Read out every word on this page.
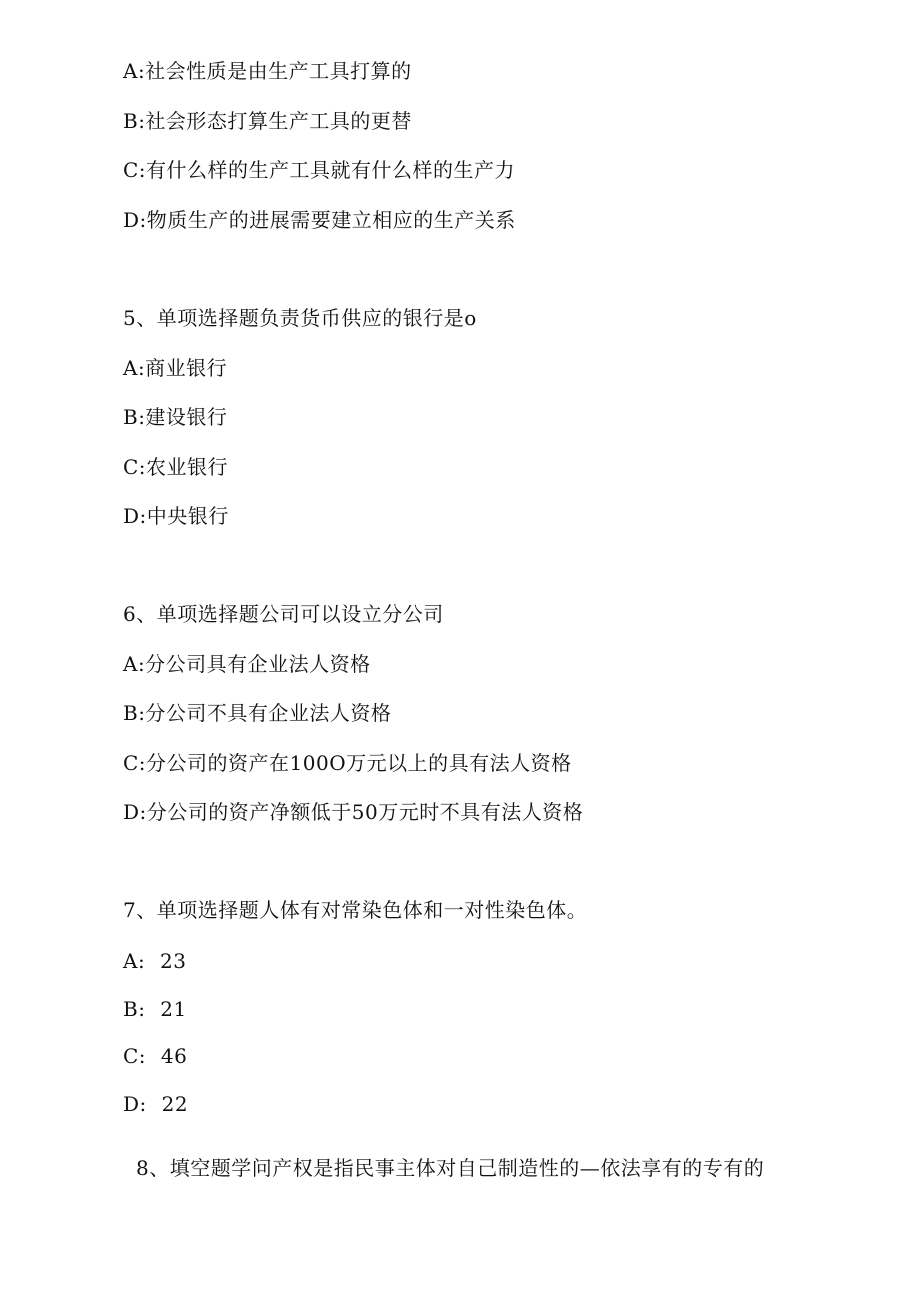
A:社会性质是由生产工具打算的
B:社会形态打算生产工具的更替
C:有什么样的生产工具就有什么样的生产力
D:物质生产的进展需要建立相应的生产关系
5、单项选择题负责货币供应的银行是o
A:商业银行
B:建设银行
C:农业银行
D:中央银行
6、单项选择题公司可以设立分公司
A:分公司具有企业法人资格
B:分公司不具有企业法人资格
C:分公司的资产在100O万元以上的具有法人资格
D:分公司的资产净额低于50万元时不具有法人资格
7、单项选择题人体有对常染色体和一对性染色体。
A: 23
B: 21
C: 46
D: 22
8、填空题学问产权是指民事主体对自己制造性的—依法享有的专有的
